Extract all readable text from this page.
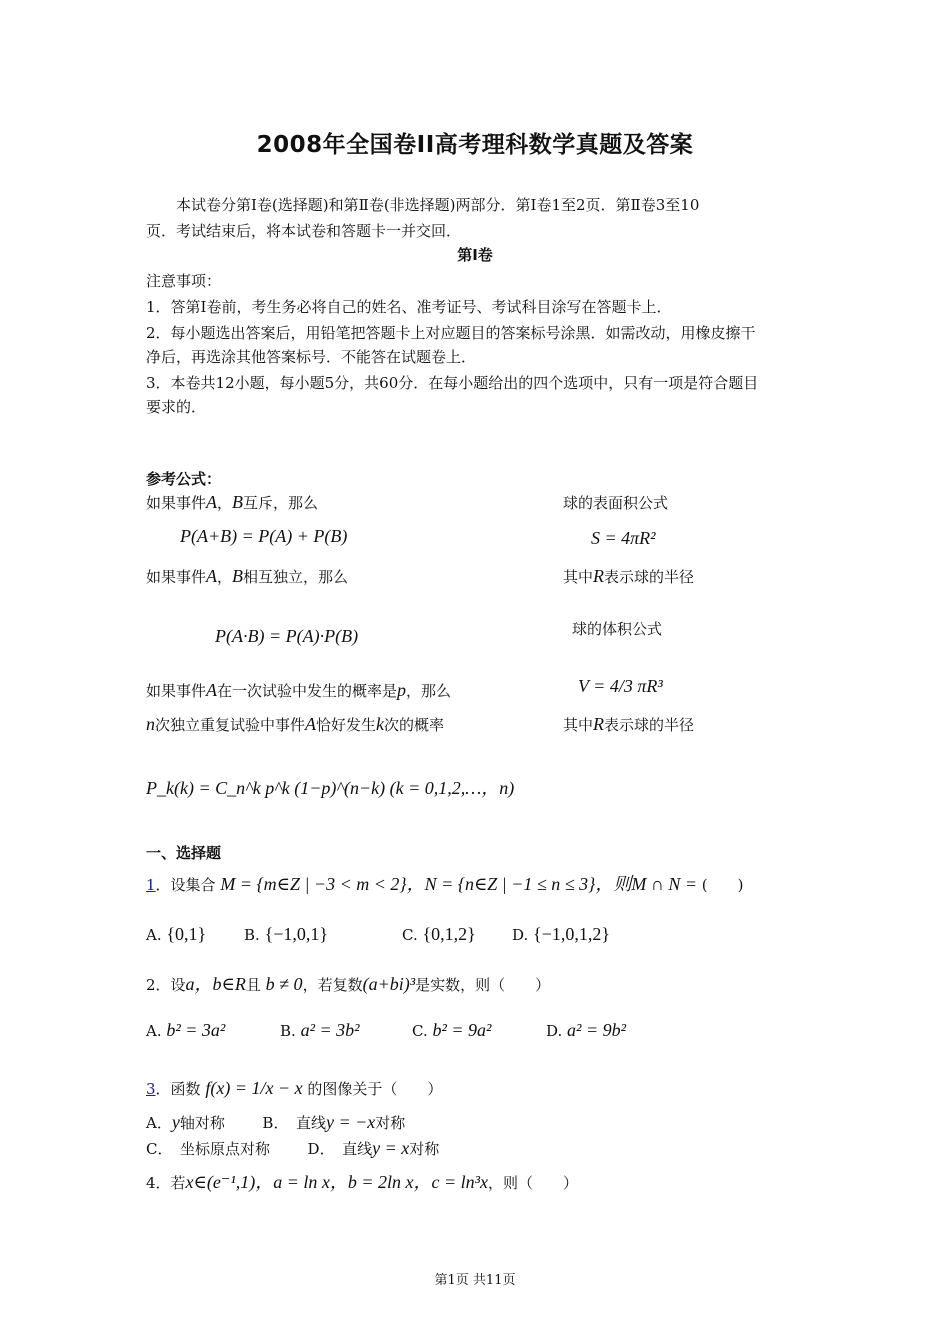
2008年全国卷ⅠⅠ高考理科数学真题及答案
本试卷分第Ⅰ卷(选择题)和第Ⅱ卷(非选择题)两部分．第Ⅰ卷1至2页．第Ⅱ卷3至10
页．考试结束后，将本试卷和答题卡一并交回．
第Ⅰ卷
注意事项：
1．答第Ⅰ卷前，考生务必将自己的姓名、准考证号、考试科目涂写在答题卡上．
2．每小题选出答案后，用铅笔把答题卡上对应题目的答案标号涂黑．如需改动，用橡皮擦干
净后，再选涂其他答案标号．不能答在试题卷上．
3．本卷共12小题，每小题5分，共60分．在每小题给出的四个选项中，只有一项是符合题目
要求的．
参考公式：
如果事件A，B互斥，那么
P(A+B) = P(A) + P(B)
如果事件A，B相互独立，那么
P(A·B) = P(A)·P(B)
如果事件A在一次试验中发生的概率是p，那么
n次独立重复试验中事件A恰好发生k次的概率
P_k(k) = C_n^k p^k (1−p)^(n−k) (k = 0,1,2,…，n)
球的表面积公式
S = 4πR²
其中R表示球的半径
球的体积公式
V = 4/3 πR³
其中R表示球的半径
一、选择题
1．设集合 M = {m∈Z | −3 < m < 2}，N = {n∈Z | −1 ≤ n ≤ 3}，则M ∩ N = (　　)
A. {0,1}	B. {−1,0,1}	C. {0,1,2} D. {−1,0,1,2}
2．设a，b∈R且 b ≠ 0，若复数(a+bi)³是实数，则（　　）
A. b² = 3a²	B. a² = 3b²	C. b² = 9a²	D. a² = 9b²
3．函数 f(x) = 1/x − x 的图像关于（　　）
A．y轴对称	B．　直线y = −x对称
C．　坐标原点对称	D．　直线y = x对称
4．若x∈(e⁻¹,1)，a = ln x，b = 2ln x，c = ln³x，则（　　）
第1页 共11页
